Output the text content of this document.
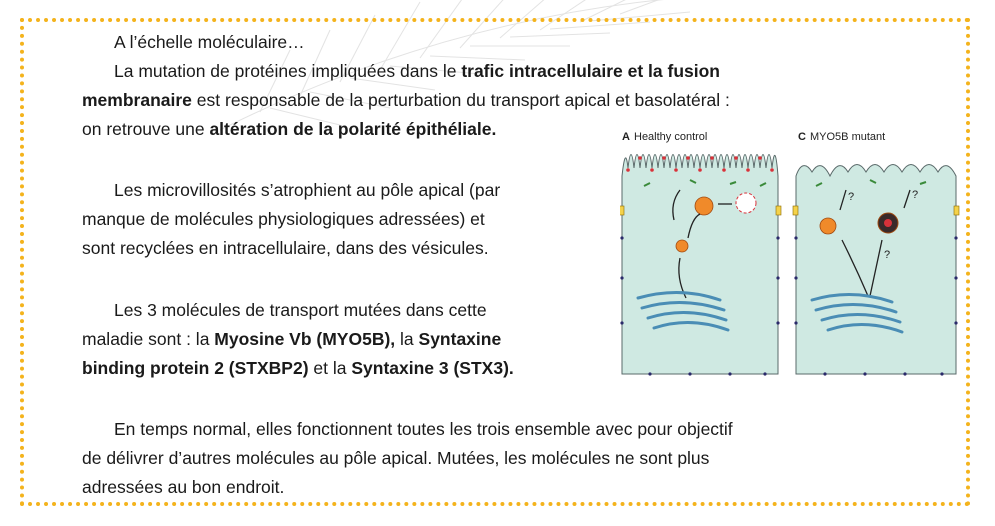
A l’échelle moléculaire…
La mutation de protéines impliquées dans le trafic intracellulaire et la fusion
membranaire est responsable de la perturbation du transport apical et basolatéral :
on retrouve une altération de la polarité épithéliale.
Les microvillosités s’atrophient au pôle apical (par
manque de molécules physiologiques adressées) et
sont recyclées en intracellulaire, dans des vésicules.
Les 3 molécules de transport mutées dans cette
maladie sont : la Myosine Vb (MYO5B), la Syntaxine
binding protein 2 (STXBP2) et la Syntaxine 3 (STX3).
En temps normal, elles fonctionnent toutes les trois ensemble avec pour objectif
de délivrer d’autres molécules au pôle apical. Mutées, les molécules ne sont plus
adressées au bon endroit.
A Healthy control	C MYO5B mutant
?	?
?
